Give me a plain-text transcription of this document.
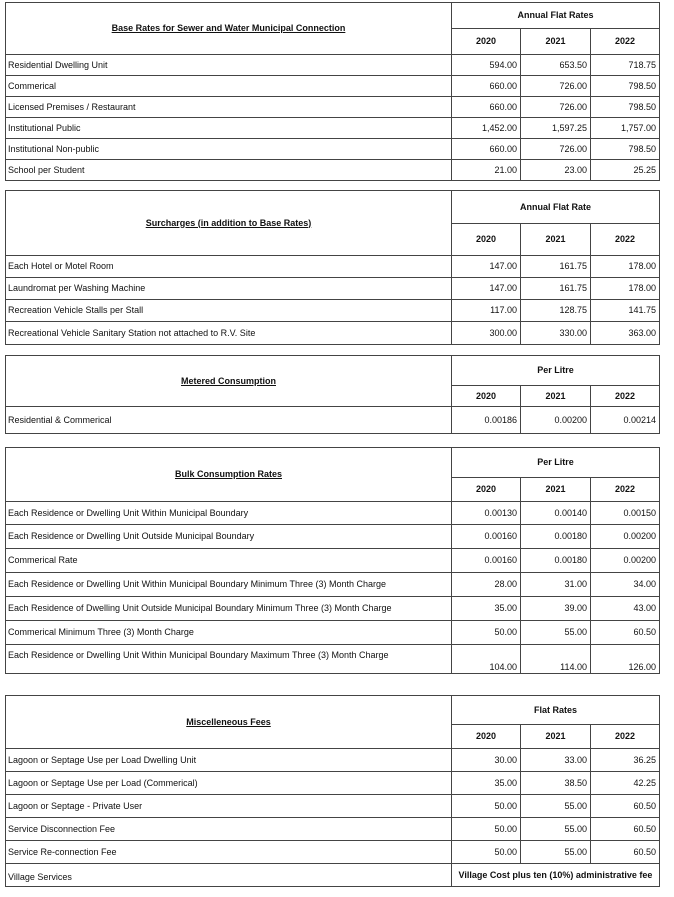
Base Rates for Sewer and Water Municipal Connection	Annual Flat Rates		
	2020	2021	2022
Residential Dwelling Unit	594.00	653.50	718.75
Commerical	660.00	726.00	798.50
Licensed Premises / Restaurant	660.00	726.00	798.50
Institutional Public	1,452.00	1,597.25	1,757.00
Institutional Non-public	660.00	726.00	798.50
School per Student	21.00	23.00	25.25
Surcharges (in addition to Base Rates)	Annual Flat Rate		
	2020	2021	2022
Each Hotel or Motel Room	147.00	161.75	178.00
Laundromat per Washing Machine	147.00	161.75	178.00
Recreation Vehicle Stalls per Stall	117.00	128.75	141.75
Recreational Vehicle Sanitary Station not attached to R.V. Site	300.00	330.00	363.00
Metered Consumption	Per Litre		
	2020	2021	2022
Residential & Commerical	0.00186	0.00200	0.00214
Bulk Consumption Rates	Per Litre		
	2020	2021	2022
Each Residence or Dwelling Unit Within Municipal Boundary	0.00130	0.00140	0.00150
Each Residence or Dwelling Unit Outside Municipal Boundary	0.00160	0.00180	0.00200
Commerical Rate	0.00160	0.00180	0.00200
Each Residence or Dwelling Unit Within Municipal Boundary Minimum Three (3) Month Charge	28.00	31.00	34.00
Each Residence of Dwelling Unit Outside Municipal Boundary Minimum Three (3) Month Charge	35.00	39.00	43.00
Commerical Minimum Three (3) Month Charge	50.00	55.00	60.50
Each Residence or Dwelling Unit Within Municipal Boundary Maximum Three (3) Month Charge	104.00	114.00	126.00
Miscelleneous Fees	Flat Rates		
	2020	2021	2022
Lagoon or Septage Use per Load Dwelling Unit	30.00	33.00	36.25
Lagoon or Septage Use per Load (Commerical)	35.00	38.50	42.25
Lagoon or Septage - Private User	50.00	55.00	60.50
Service Disconnection Fee	50.00	55.00	60.50
Service Re-connection Fee	50.00	55.00	60.50
Village Services	Village Cost plus ten (10%) administrative fee		
